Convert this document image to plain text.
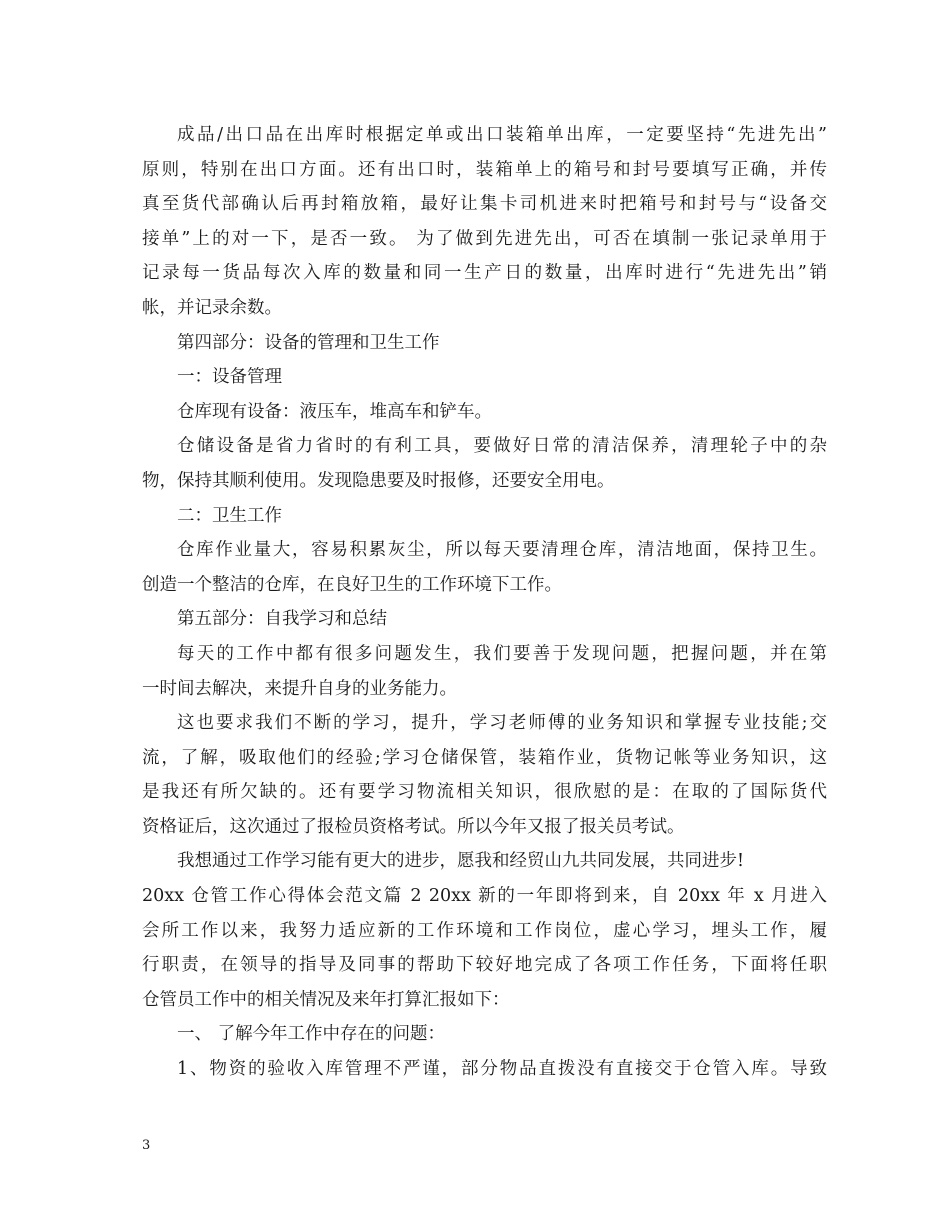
成品/出口品在出库时根据定单或出口装箱单出库，一定要坚持“先进先出”

原则，特别在出口方面。还有出口时，装箱单上的箱号和封号要填写正确，并传

真至货代部确认后再封箱放箱，最好让集卡司机进来时把箱号和封号与“设备交

接单”上的对一下，是否一致。 为了做到先进先出，可否在填制一张记录单用于

记录每一货品每次入库的数量和同一生产日的数量，出库时进行“先进先出”销

帐，并记录余数。

第四部分：设备的管理和卫生工作

一：设备管理

仓库现有设备：液压车，堆高车和铲车。

仓储设备是省力省时的有利工具，要做好日常的清洁保养，清理轮子中的杂

物，保持其顺利使用。发现隐患要及时报修，还要安全用电。

二：卫生工作

仓库作业量大，容易积累灰尘，所以每天要清理仓库，清洁地面，保持卫生。

创造一个整洁的仓库，在良好卫生的工作环境下工作。

第五部分：自我学习和总结

每天的工作中都有很多问题发生，我们要善于发现问题，把握问题，并在第

一时间去解决，来提升自身的业务能力。

这也要求我们不断的学习，提升，学习老师傅的业务知识和掌握专业技能;交

流，了解，吸取他们的经验;学习仓储保管，装箱作业，货物记帐等业务知识，这

是我还有所欠缺的。还有要学习物流相关知识，很欣慰的是：在取的了国际货代

资格证后，这次通过了报检员资格考试。所以今年又报了报关员考试。

我想通过工作学习能有更大的进步，愿我和经贸山九共同发展，共同进步!

20xx 仓管工作心得体会范文篇 2 20xx 新的一年即将到来，自 20xx 年 x 月进入

会所工作以来，我努力适应新的工作环境和工作岗位，虚心学习，埋头工作，履

行职责，在领导的指导及同事的帮助下较好地完成了各项工作任务，下面将任职

仓管员工作中的相关情况及来年打算汇报如下：

一、 了解今年工作中存在的问题：

1、物资的验收入库管理不严谨，部分物品直拨没有直接交于仓管入库。导致

3
